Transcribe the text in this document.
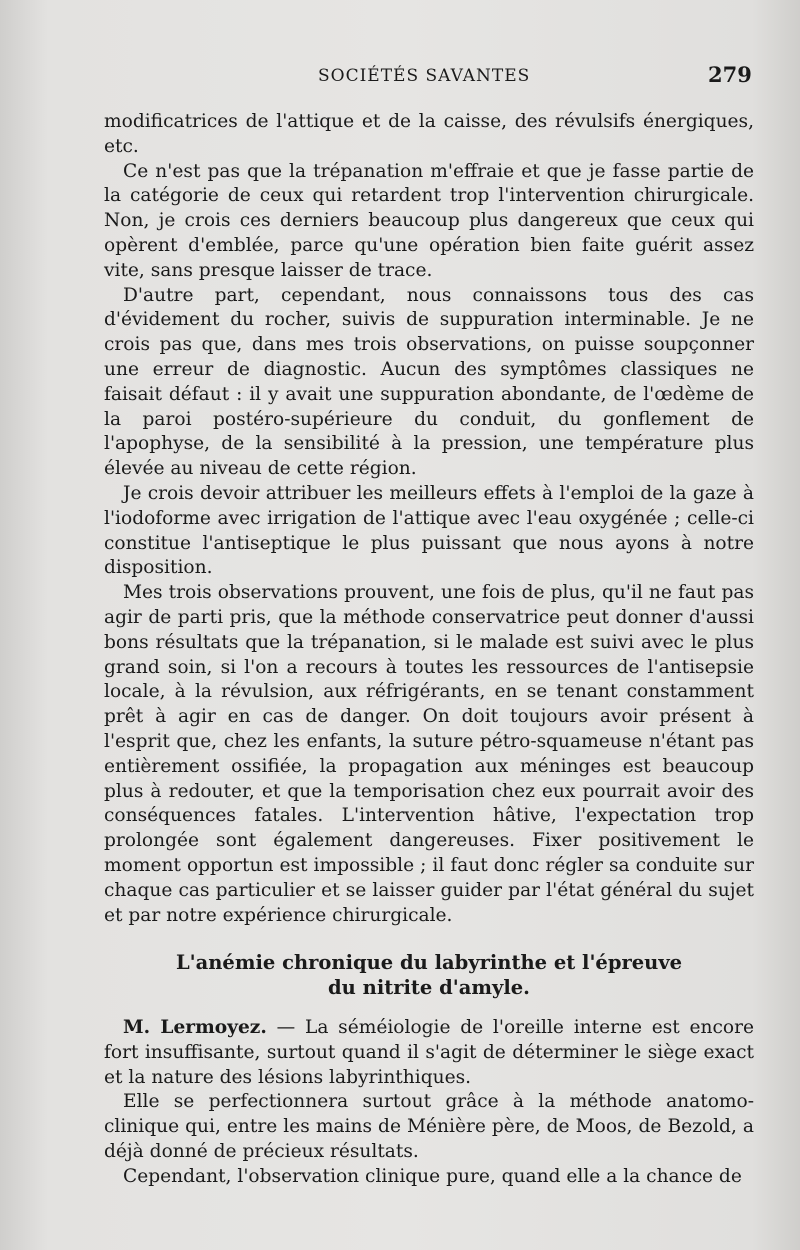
SOCIÉTÉS SAVANTES	279

modificatrices de l'attique et de la caisse, des révulsifs énergiques, etc.

Ce n'est pas que la trépanation m'effraie et que je fasse partie de la catégorie de ceux qui retardent trop l'intervention chirurgicale. Non, je crois ces derniers beaucoup plus dangereux que ceux qui opèrent d'emblée, parce qu'une opération bien faite guérit assez vite, sans presque laisser de trace.

D'autre part, cependant, nous connaissons tous des cas d'évidement du rocher, suivis de suppuration interminable. Je ne crois pas que, dans mes trois observations, on puisse soupçonner une erreur de diagnostic. Aucun des symptômes classiques ne faisait défaut : il y avait une suppuration abondante, de l'œdème de la paroi postéro-supérieure du conduit, du gonflement de l'apophyse, de la sensibilité à la pression, une température plus élevée au niveau de cette région.

Je crois devoir attribuer les meilleurs effets à l'emploi de la gaze à l'iodoforme avec irrigation de l'attique avec l'eau oxygénée ; celle-ci constitue l'antiseptique le plus puissant que nous ayons à notre disposition.

Mes trois observations prouvent, une fois de plus, qu'il ne faut pas agir de parti pris, que la méthode conservatrice peut donner d'aussi bons résultats que la trépanation, si le malade est suivi avec le plus grand soin, si l'on a recours à toutes les ressources de l'antisepsie locale, à la révulsion, aux réfrigérants, en se tenant constamment prêt à agir en cas de danger. On doit toujours avoir présent à l'esprit que, chez les enfants, la suture pétro-squameuse n'étant pas entièrement ossifiée, la propagation aux méninges est beaucoup plus à redouter, et que la temporisation chez eux pourrait avoir des conséquences fatales. L'intervention hâtive, l'expectation trop prolongée sont également dangereuses. Fixer positivement le moment opportun est impossible ; il faut donc régler sa conduite sur chaque cas particulier et se laisser guider par l'état général du sujet et par notre expérience chirurgicale.

L'anémie chronique du labyrinthe et l'épreuve
du nitrite d'amyle.

M. Lermoyez. — La séméiologie de l'oreille interne est encore fort insuffisante, surtout quand il s'agit de déterminer le siège exact et la nature des lésions labyrinthiques.

Elle se perfectionnera surtout grâce à la méthode anatomo-clinique qui, entre les mains de Ménière père, de Moos, de Bezold, a déjà donné de précieux résultats.

Cependant, l'observation clinique pure, quand elle a la chance de
